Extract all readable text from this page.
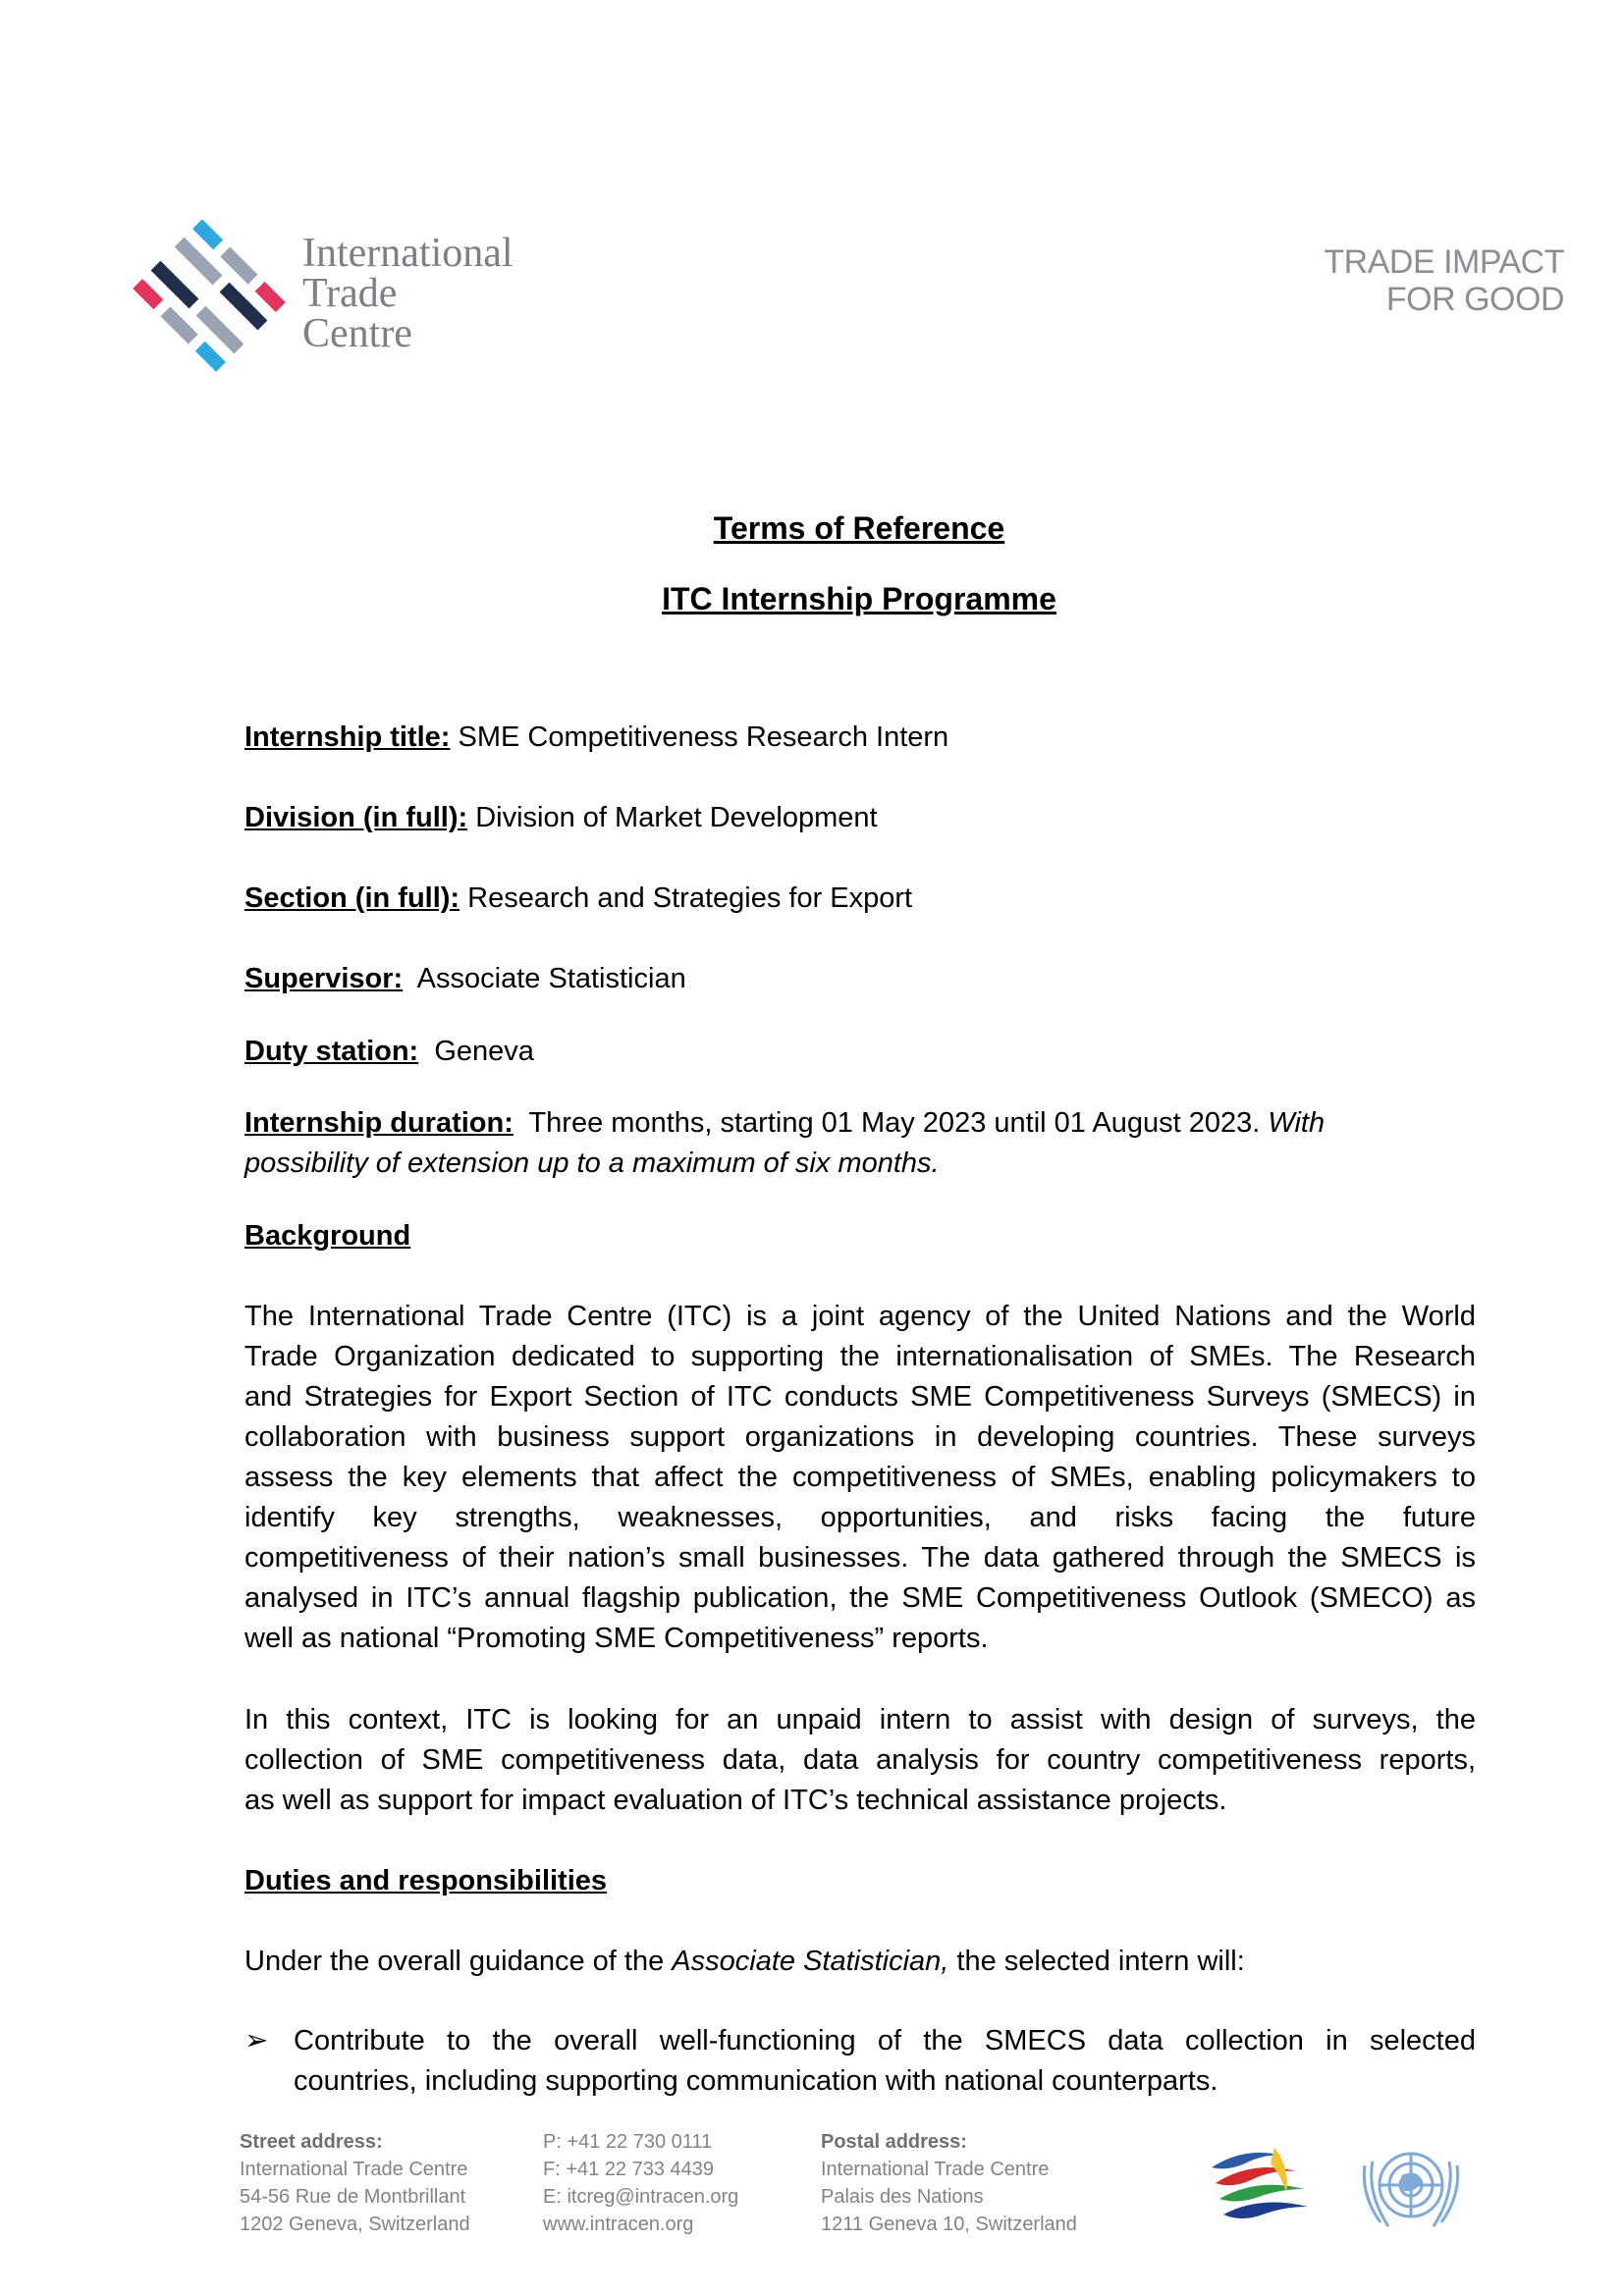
International
Trade
Centre
TRADE IMPACT
FOR GOOD
Terms of Reference
ITC Internship Programme
Internship title: SME Competitiveness Research Intern
Division (in full): Division of Market Development
Section (in full): Research and Strategies for Export
Supervisor:  Associate Statistician
Duty station:  Geneva
Internship duration:  Three months, starting 01 May 2023 until 01 August 2023. With
possibility of extension up to a maximum of six months.
Background
The International Trade Centre (ITC) is a joint agency of the United Nations and the World
Trade Organization dedicated to supporting the internationalisation of SMEs. The Research
and Strategies for Export Section of ITC conducts SME Competitiveness Surveys (SMECS) in
collaboration with business support organizations in developing countries. These surveys
assess the key elements that affect the competitiveness of SMEs, enabling policymakers to
identify key strengths, weaknesses, opportunities, and risks facing the future
competitiveness of their nation’s small businesses. The data gathered through the SMECS is
analysed in ITC’s annual flagship publication, the SME Competitiveness Outlook (SMECO) as
well as national “Promoting SME Competitiveness” reports.
In this context, ITC is looking for an unpaid intern to assist with design of surveys, the
collection of SME competitiveness data, data analysis for country competitiveness reports,
as well as support for impact evaluation of ITC’s technical assistance projects.
Duties and responsibilities
Under the overall guidance of the Associate Statistician, the selected intern will:
➢ Contribute to the overall well-functioning of the SMECS data collection in selected
countries, including supporting communication with national counterparts.
Street address:
International Trade Centre
54-56 Rue de Montbrillant
1202 Geneva, Switzerland
P: +41 22 730 0111
F: +41 22 733 4439
E: itcreg@intracen.org
www.intracen.org
Postal address:
International Trade Centre
Palais des Nations
1211 Geneva 10, Switzerland
